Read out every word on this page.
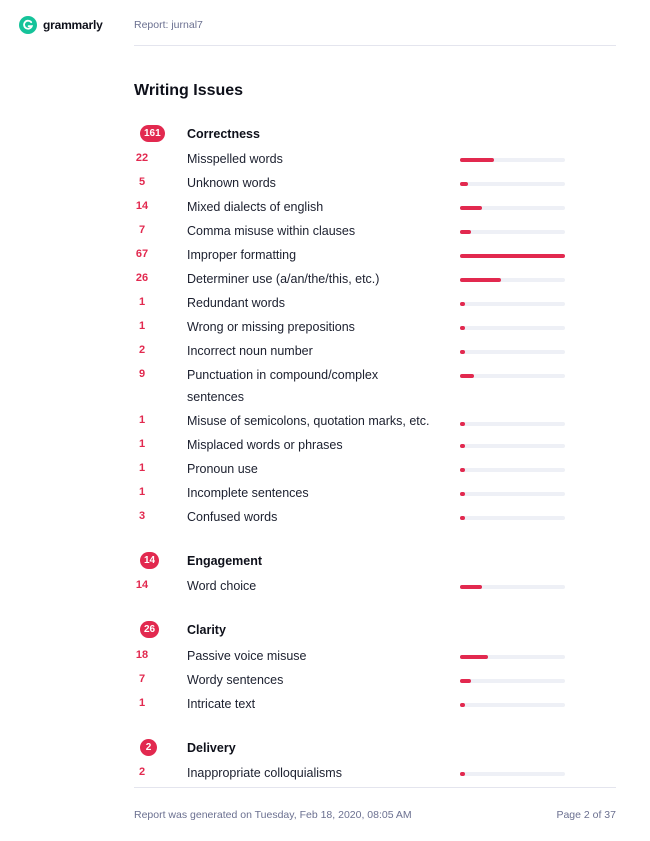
grammarly	Report: jurnal7
Writing Issues
161	Correctness
22	Misspelled words
5	Unknown words
14	Mixed dialects of english
7	Comma misuse within clauses
67	Improper formatting
26	Determiner use (a/an/the/this, etc.)
1	Redundant words
1	Wrong or missing prepositions
2	Incorrect noun number
9	Punctuation in compound/complex sentences
1	Misuse of semicolons, quotation marks, etc.
1	Misplaced words or phrases
1	Pronoun use
1	Incomplete sentences
3	Confused words
14	Engagement
14	Word choice
26	Clarity
18	Passive voice misuse
7	Wordy sentences
1	Intricate text
2	Delivery
2	Inappropriate colloquialisms
Report was generated on Tuesday, Feb 18, 2020, 08:05 AM	Page 2 of 37
